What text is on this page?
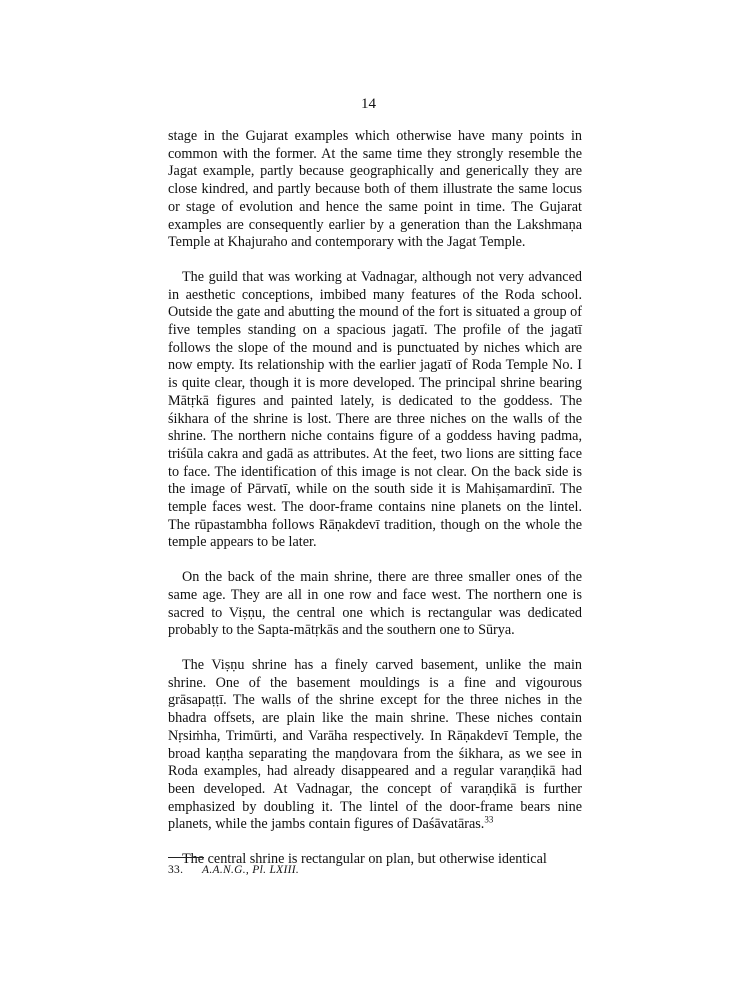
14

stage in the Gujarat examples which otherwise have many points in common with the former. At the same time they strongly resemble the Jagat example, partly because geographically and generically they are close kindred, and partly because both of them illustrate the same locus or stage of evolution and hence the same point in time. The Gujarat examples are consequently earlier by a generation than the Lakshmaṇa Temple at Khajuraho and contemporary with the Jagat Temple.

The guild that was working at Vadnagar, although not very advanced in aesthetic conceptions, imbibed many features of the Roda school. Outside the gate and abutting the mound of the fort is situated a group of five temples standing on a spacious jagatī. The profile of the jagatī follows the slope of the mound and is punctuated by niches which are now empty. Its relationship with the earlier jagatī of Roda Temple No. I is quite clear, though it is more developed. The principal shrine bearing Mātṛkā figures and painted lately, is dedicated to the goddess. The śikhara of the shrine is lost. There are three niches on the walls of the shrine. The northern niche contains figure of a goddess having padma, triśūla cakra and gadā as attributes. At the feet, two lions are sitting face to face. The identification of this image is not clear. On the back side is the image of Pārvatī, while on the south side it is Mahiṣamardinī. The temple faces west. The door-frame contains nine planets on the lintel. The rūpastambha follows Rāṇakdevī tradition, though on the whole the temple appears to be later.

On the back of the main shrine, there are three smaller ones of the same age. They are all in one row and face west. The northern one is sacred to Viṣṇu, the central one which is rectangular was dedicated probably to the Sapta-mātṛkās and the southern one to Sūrya.

The Viṣṇu shrine has a finely carved basement, unlike the main shrine. One of the basement mouldings is a fine and vigourous grāsapaṭṭī. The walls of the shrine except for the three niches in the bhadra offsets, are plain like the main shrine. These niches contain Nṛsiṁha, Trimūrti, and Varāha respectively. In Rāṇakdevī Temple, the broad kaṇṭha separating the maṇḍovara from the śikhara, as we see in Roda examples, had already disappeared and a regular varaṇḍikā had been developed. At Vadnagar, the concept of varaṇḍikā is further emphasized by doubling it. The lintel of the door-frame bears nine planets, while the jambs contain figures of Daśāvatāras.$^{33}$

The central shrine is rectangular on plan, but otherwise identical

33. A.A.N.G., Pl. LXIII.
